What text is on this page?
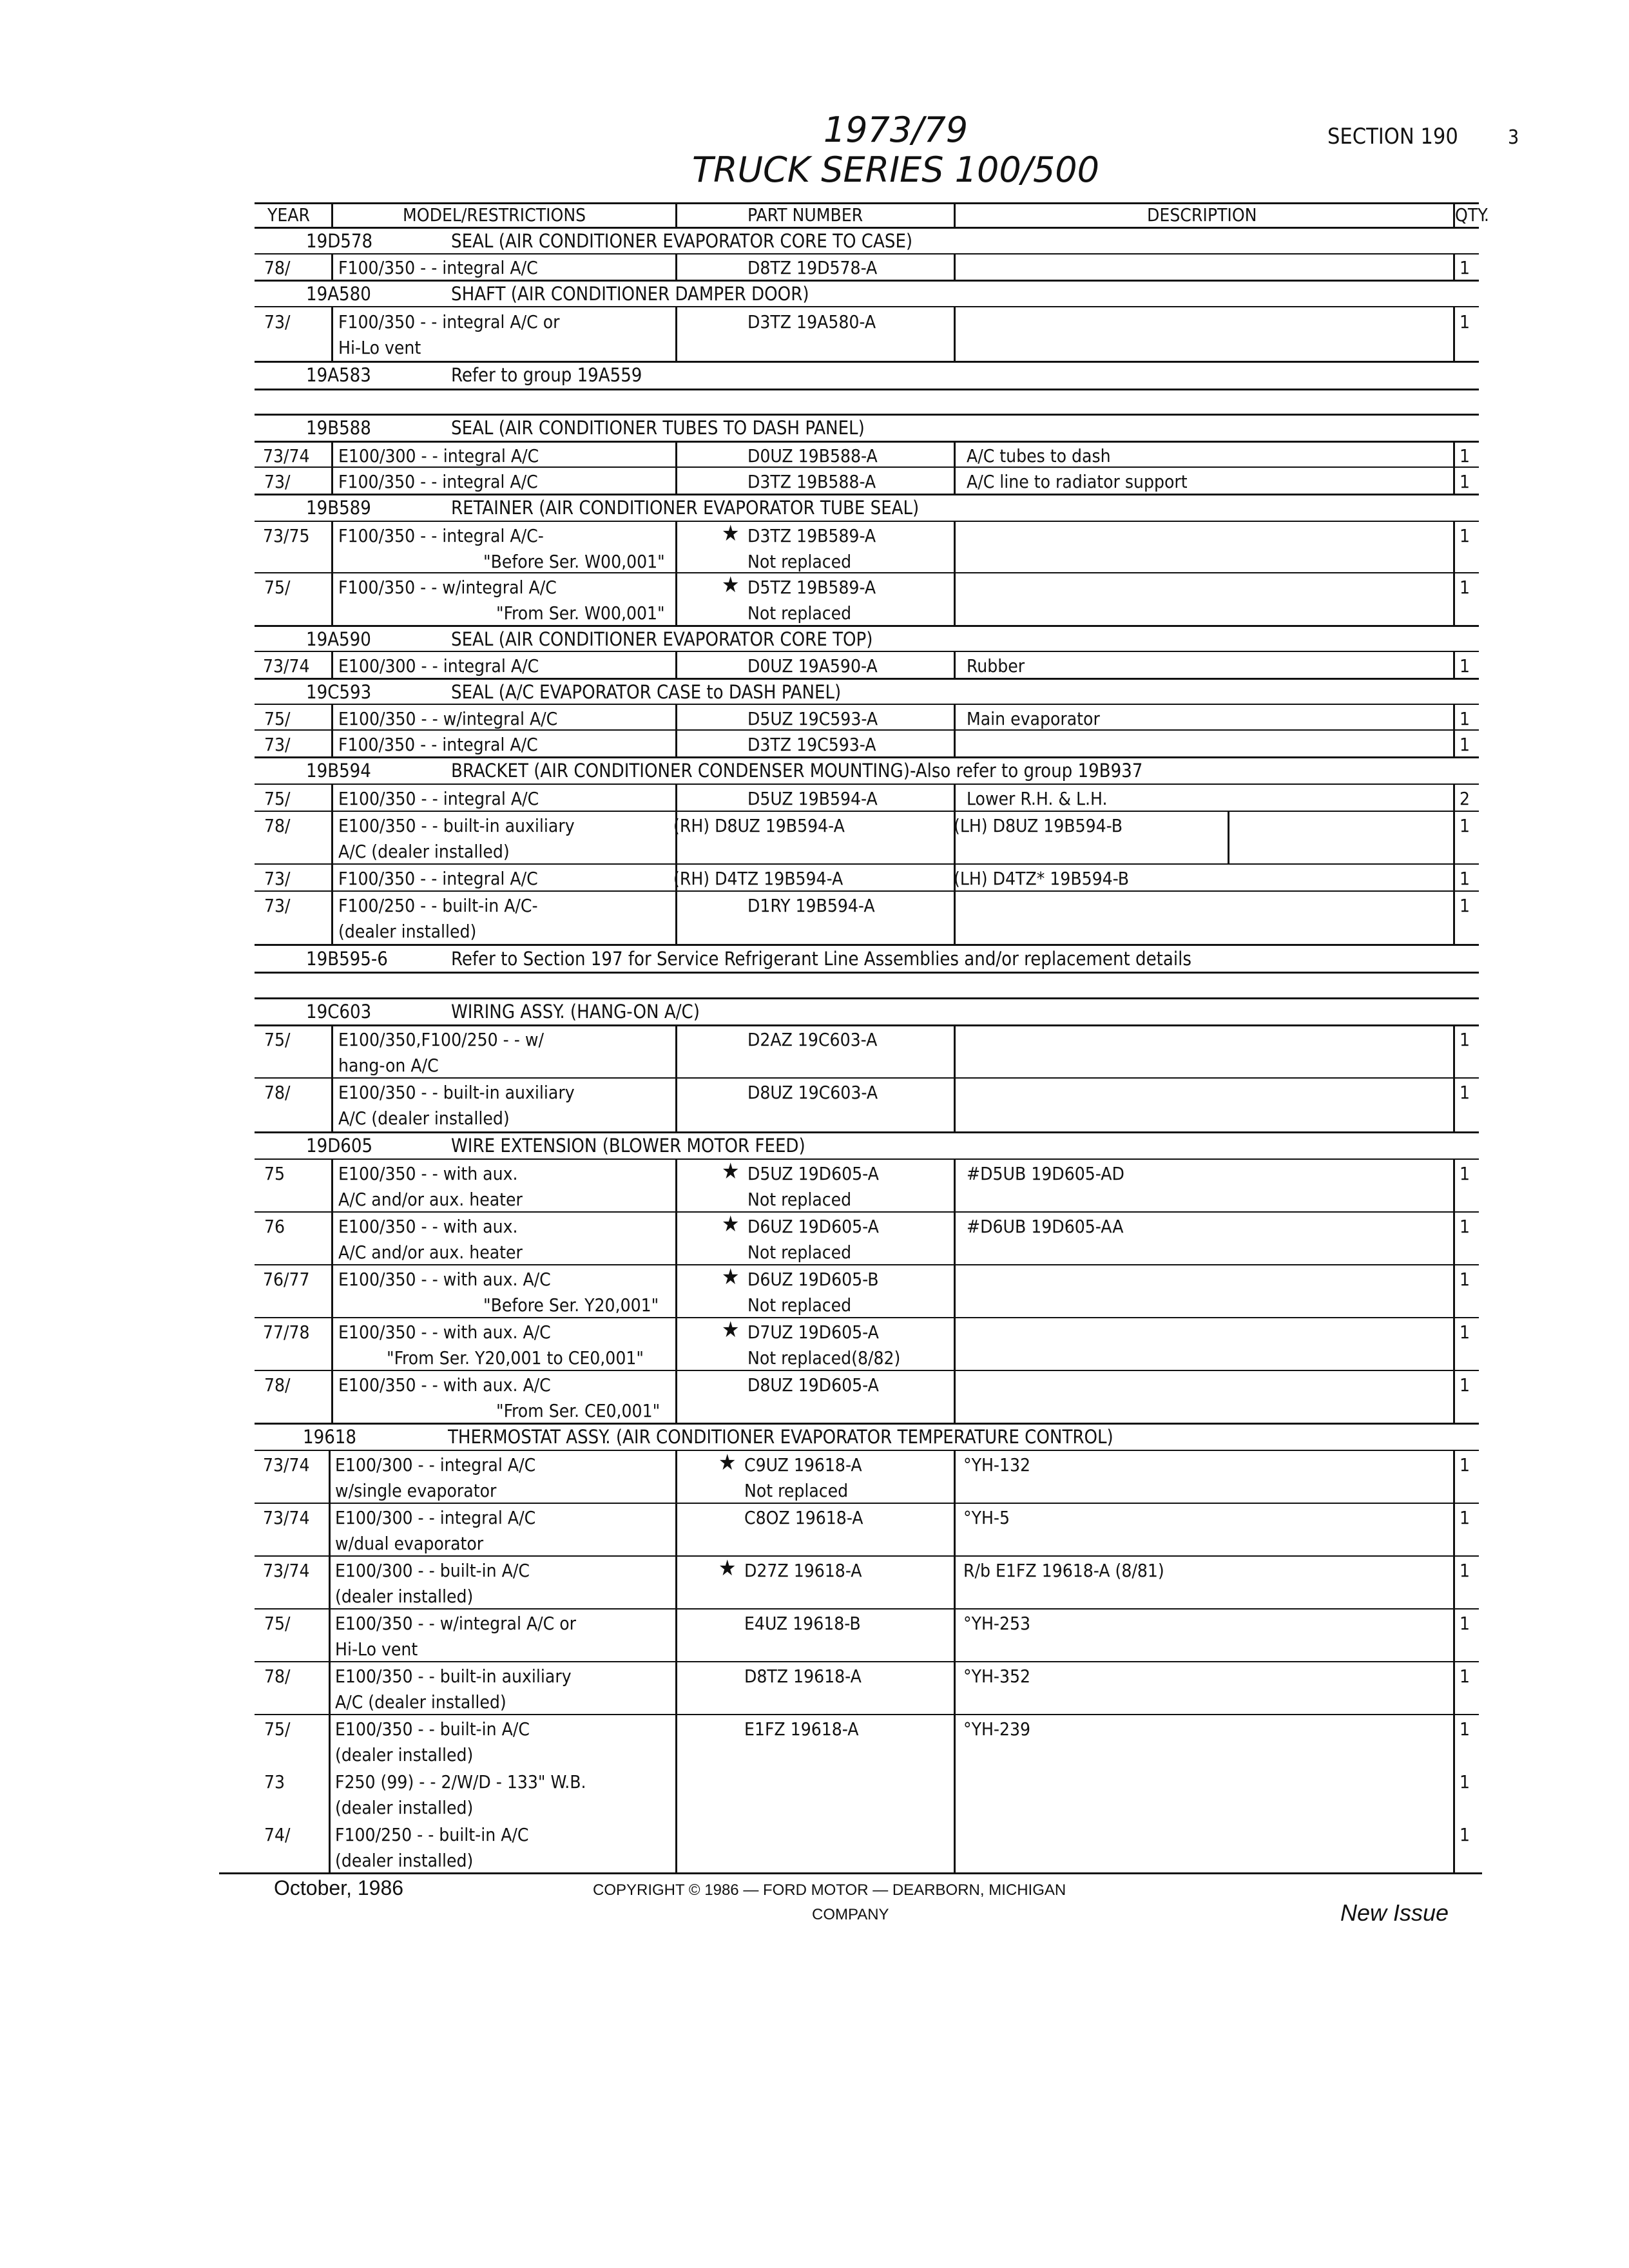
1973/79
TRUCK SERIES 100/500
SECTION 190	3
YEAR	MODEL/RESTRICTIONS	PART NUMBER	DESCRIPTION	QTY.
19D578	SEAL (AIR CONDITIONER EVAPORATOR CORE TO CASE)
78/	F100/350 - - integral A/C	D8TZ 19D578-A	1
19A580	SHAFT (AIR CONDITIONER DAMPER DOOR)
73/	F100/350 - - integral A/C or	D3TZ 19A580-A	1
Hi-Lo vent
19A583	Refer to group 19A559
19B588	SEAL (AIR CONDITIONER TUBES TO DASH PANEL)
73/74 E100/300 - - integral A/C	D0UZ 19B588-A	A/C tubes to dash	1
73/	F100/350 - - integral A/C	D3TZ 19B588-A	A/C line to radiator support	1
19B589	RETAINER (AIR CONDITIONER EVAPORATOR TUBE SEAL)
73/75 F100/350 - - integral A/C-	★ D3TZ 19B589-A	1
"Before Ser. W00,001"	Not replaced
75/	F100/350 - - w/integral A/C	★ D5TZ 19B589-A	1
"From Ser. W00,001"	Not replaced
19A590	SEAL (AIR CONDITIONER EVAPORATOR CORE TOP)
73/74 E100/300 - - integral A/C	D0UZ 19A590-A	Rubber	1
19C593	SEAL (A/C EVAPORATOR CASE to DASH PANEL)
75/	E100/350 - - w/integral A/C	D5UZ 19C593-A	Main evaporator	1
73/	F100/350 - - integral A/C	D3TZ 19C593-A	1
19B594	BRACKET (AIR CONDITIONER CONDENSER MOUNTING)-Also refer to group 19B937
75/	E100/350 - - integral A/C	D5UZ 19B594-A	Lower R.H. & L.H.	2
78/	E100/350 - - built-in auxiliary	(RH) D8UZ 19B594-A	(LH) D8UZ 19B594-B	1
A/C (dealer installed)
73/	F100/350 - - integral A/C	(RH) D4TZ 19B594-A	(LH) D4TZ* 19B594-B	1
73/	F100/250 - - built-in A/C-	D1RY 19B594-A	1
(dealer installed)
19B595-6	Refer to Section 197 for Service Refrigerant Line Assemblies and/or replacement details
19C603	WIRING ASSY. (HANG-ON A/C)
75/	E100/350,F100/250 - - w/	D2AZ 19C603-A	1
hang-on A/C
78/	E100/350 - - built-in auxiliary	D8UZ 19C603-A	1
A/C (dealer installed)
19D605	WIRE EXTENSION (BLOWER MOTOR FEED)
75	E100/350 - - with aux.	★ D5UZ 19D605-A	#D5UB 19D605-AD	1
A/C and/or aux. heater	Not replaced
76	E100/350 - - with aux.	★ D6UZ 19D605-A	#D6UB 19D605-AA	1
A/C and/or aux. heater	Not replaced
76/77 E100/350 - - with aux. A/C	★ D6UZ 19D605-B	1
"Before Ser. Y20,001"	Not replaced
77/78 E100/350 - - with aux. A/C	★ D7UZ 19D605-A	1
"From Ser. Y20,001 to CE0,001"	Not replaced(8/82)
78/	E100/350 - - with aux. A/C	D8UZ 19D605-A	1
"From Ser. CE0,001"
19618	THERMOSTAT ASSY. (AIR CONDITIONER EVAPORATOR TEMPERATURE CONTROL)
73/74 E100/300 - - integral A/C	★ C9UZ 19618-A	°YH-132	1
w/single evaporator	Not replaced
73/74 E100/300 - - integral A/C	C8OZ 19618-A	°YH-5	1
w/dual evaporator
73/74 E100/300 - - built-in A/C	★ D27Z 19618-A	R/b E1FZ 19618-A (8/81)	1
(dealer installed)
75/ E100/350 - - w/integral A/C or	E4UZ 19618-B	°YH-253	1
Hi-Lo vent
78/ E100/350 - - built-in auxiliary	D8TZ 19618-A	°YH-352	1
A/C (dealer installed)
75/ E100/350 - - built-in A/C	E1FZ 19618-A	°YH-239	1
(dealer installed)
73	F250 (99) - - 2/W/D - 133" W.B.	1
(dealer installed)
74/ F100/250 - - built-in A/C	1
(dealer installed)
October, 1986	COPYRIGHT © 1986 — FORD MOTOR — DEARBORN, MICHIGAN
COMPANY	New Issue
